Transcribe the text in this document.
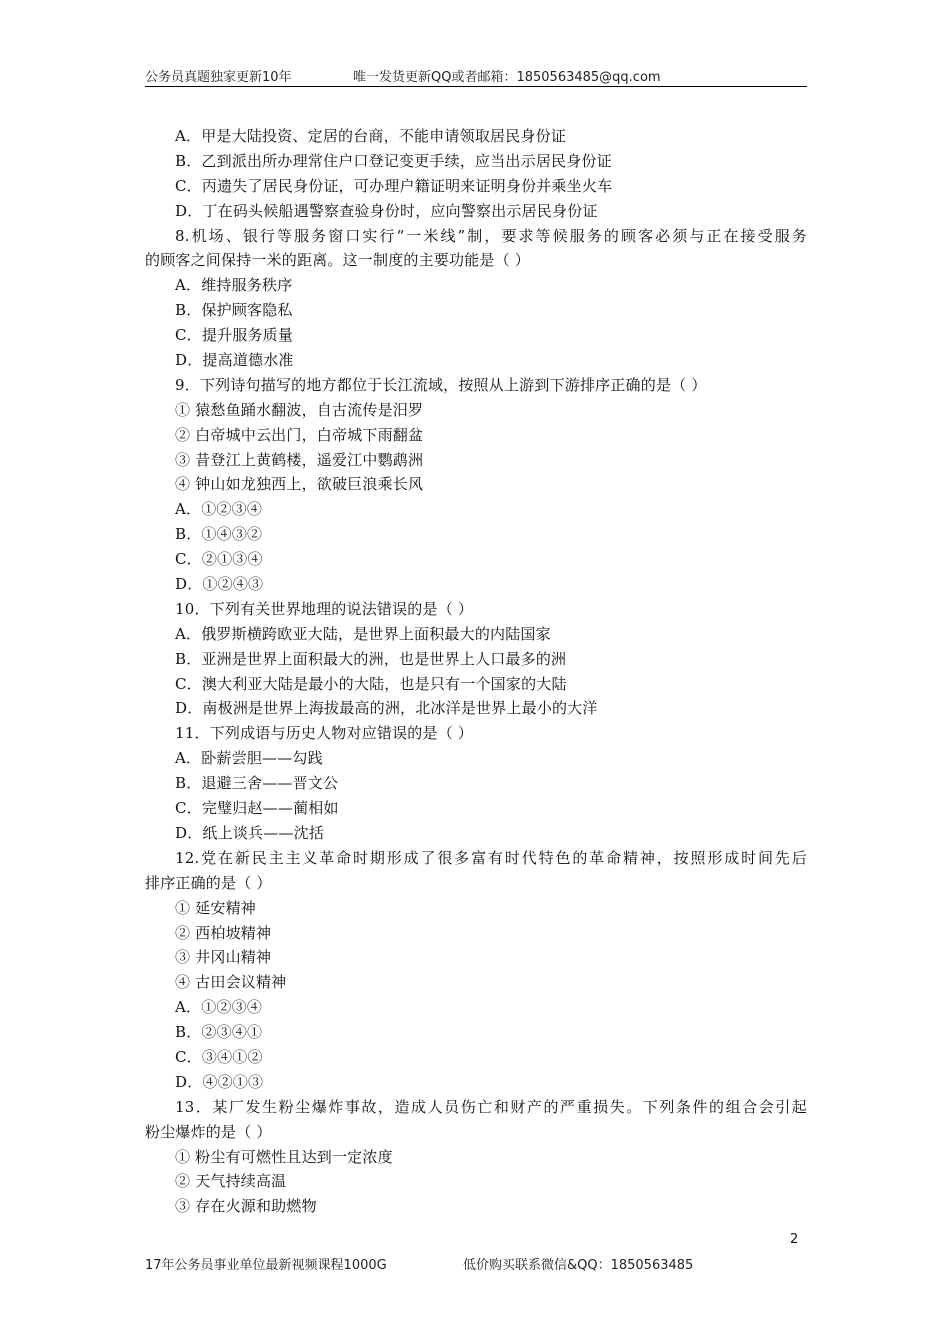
公务员真题独家更新10年	唯一发货更新QQ或者邮箱：1850563485@qq.com
A．甲是大陆投资、定居的台商，不能申请领取居民身份证
B．乙到派出所办理常住户口登记变更手续，应当出示居民身份证
C．丙遗失了居民身份证，可办理户籍证明来证明身份并乘坐火车
D．丁在码头候船遇警察查验身份时，应向警察出示居民身份证
8.机场、银行等服务窗口实行“一米线”制，要求等候服务的顾客必须与正在接受服务
的顾客之间保持一米的距离。这一制度的主要功能是（ ）
A．维持服务秩序
B．保护顾客隐私
C．提升服务质量
D．提高道德水准
9．下列诗句描写的地方都位于长江流域，按照从上游到下游排序正确的是（ ）
① 猿愁鱼踊水翻波，自古流传是汨罗
② 白帝城中云出门，白帝城下雨翻盆
③ 昔登江上黄鹤楼，遥爱江中鹦鹉洲
④ 钟山如龙独西上，欲破巨浪乘长风
A．①②③④
B．①④③②
C．②①③④
D．①②④③
10．下列有关世界地理的说法错误的是（ ）
A．俄罗斯横跨欧亚大陆，是世界上面积最大的内陆国家
B．亚洲是世界上面积最大的洲，也是世界上人口最多的洲
C．澳大利亚大陆是最小的大陆，也是只有一个国家的大陆
D．南极洲是世界上海拔最高的洲，北冰洋是世界上最小的大洋
11．下列成语与历史人物对应错误的是（ ）
A．卧薪尝胆——勾践
B．退避三舍——晋文公
C．完璧归赵——蔺相如
D．纸上谈兵——沈括
12.党在新民主主义革命时期形成了很多富有时代特色的革命精神，按照形成时间先后
排序正确的是（ ）
① 延安精神
② 西柏坡精神
③ 井冈山精神
④ 古田会议精神
A．①②③④
B．②③④①
C．③④①②
D．④②①③
13．某厂发生粉尘爆炸事故，造成人员伤亡和财产的严重损失。下列条件的组合会引起
粉尘爆炸的是（ ）
① 粉尘有可燃性且达到一定浓度
② 天气持续高温
③ 存在火源和助燃物
2
17年公务员事业单位最新视频课程1000G	低价购买联系微信&QQ：1850563485
